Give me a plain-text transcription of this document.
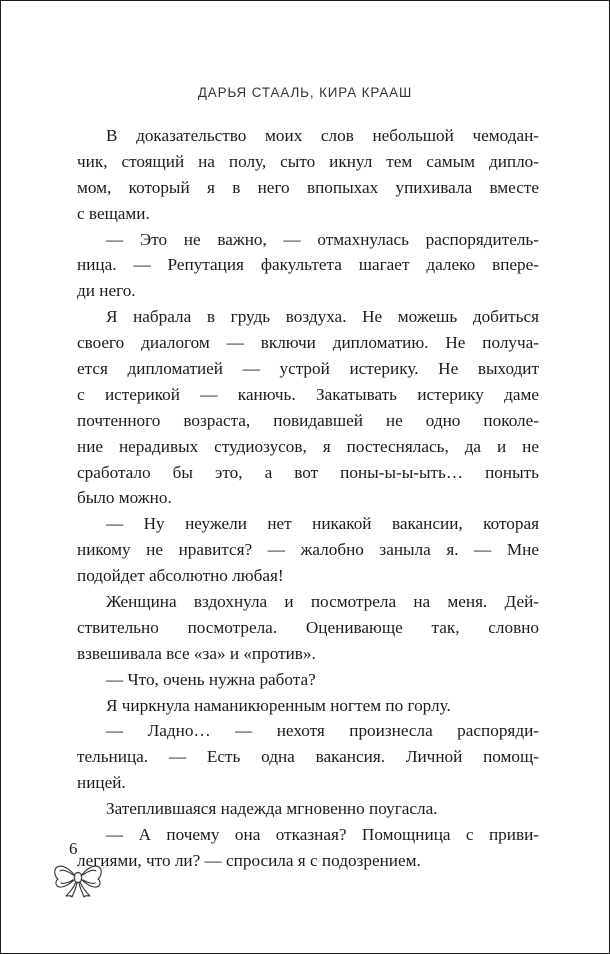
ДАРЬЯ СТААЛЬ, КИРА КРААШ
В доказательство моих слов небольшой чемодан-
чик, стоящий на полу, сыто икнул тем самым дипло-
мом, который я в него впопыхах упихивала вместе
с вещами.
— Это не важно, — отмахнулась распорядитель-
ница. — Репутация факультета шагает далеко впере-
ди него.
Я набрала в грудь воздуха. Не можешь добиться
своего диалогом — включи дипломатию. Не получа-
ется дипломатией — устрой истерику. Не выходит
с истерикой — канючь. Закатывать истерику даме
почтенного возраста, повидавшей не одно поколе-
ние нерадивых студиозусов, я постеснялась, да и не
сработало бы это, а вот поны-ы-ы-ыть… поныть
было можно.
— Ну неужели нет никакой вакансии, которая
никому не нравится? — жалобно заныла я. — Мне
подойдет абсолютно любая!
Женщина вздохнула и посмотрела на меня. Дей-
ствительно посмотрела. Оценивающе так, словно
взвешивала все «за» и «против».
— Что, очень нужна работа?
Я чиркнула наманикюренным ногтем по горлу.
— Ладно… — нехотя произнесла распоряди-
тельница. — Есть одна вакансия. Личной помощ-
ницей.
Затеплившаяся надежда мгновенно поугасла.
— А почему она отказная? Помощница с приви-
легиями, что ли? — спросила я с подозрением.
6
